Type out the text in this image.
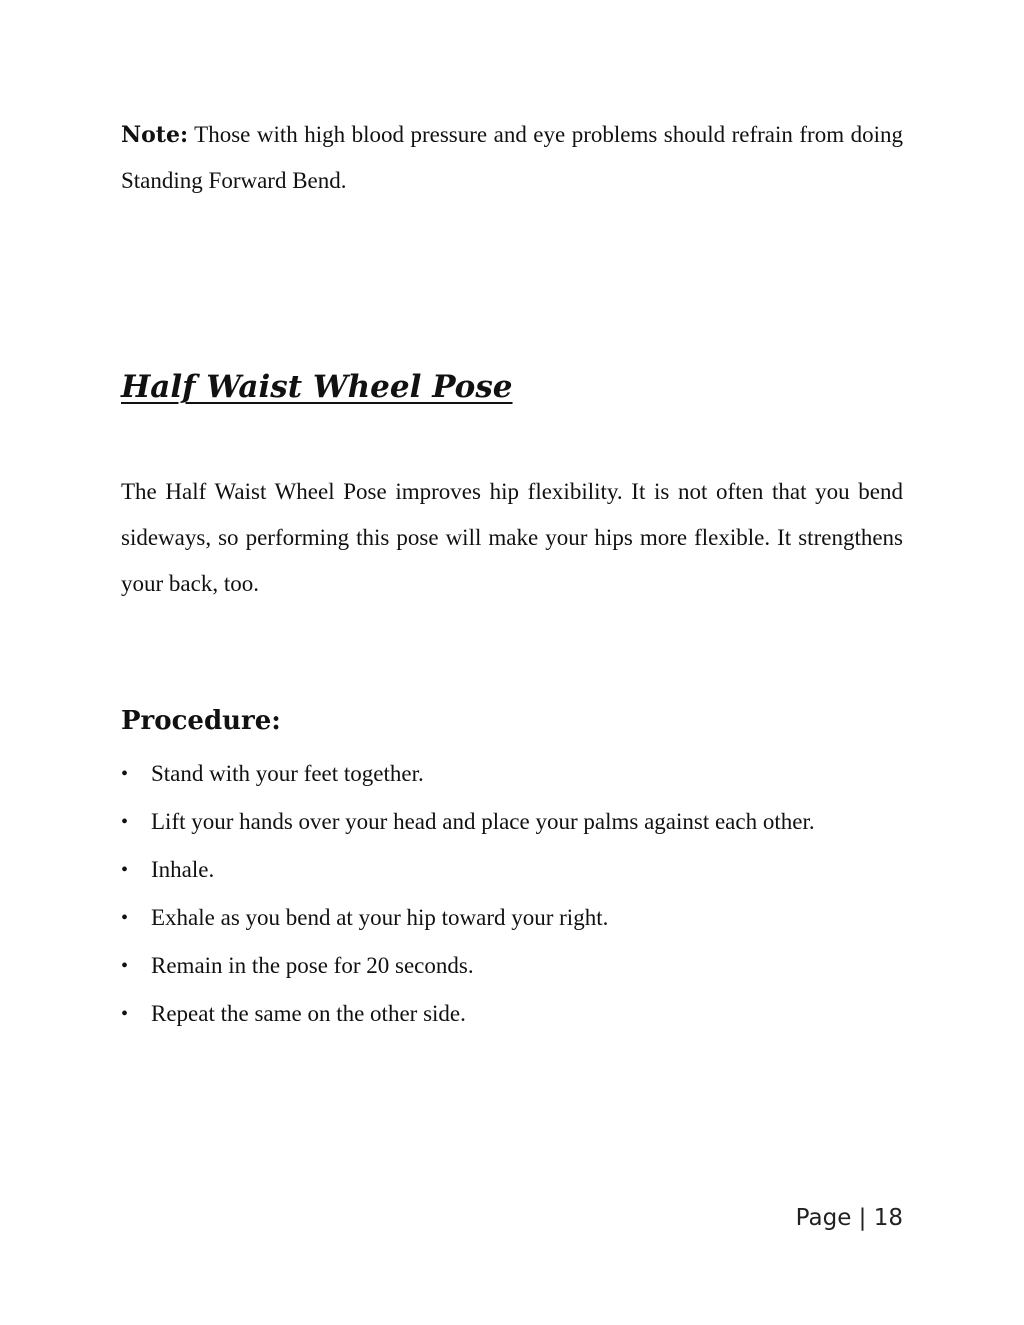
Note: Those with high blood pressure and eye problems should refrain from doing Standing Forward Bend.

Half Waist Wheel Pose

The Half Waist Wheel Pose improves hip flexibility. It is not often that you bend sideways, so performing this pose will make your hips more flexible. It strengthens your back, too.

Procedure:
• Stand with your feet together.
• Lift your hands over your head and place your palms against each other.
• Inhale.
• Exhale as you bend at your hip toward your right.
• Remain in the pose for 20 seconds.
• Repeat the same on the other side.

Page | 18
